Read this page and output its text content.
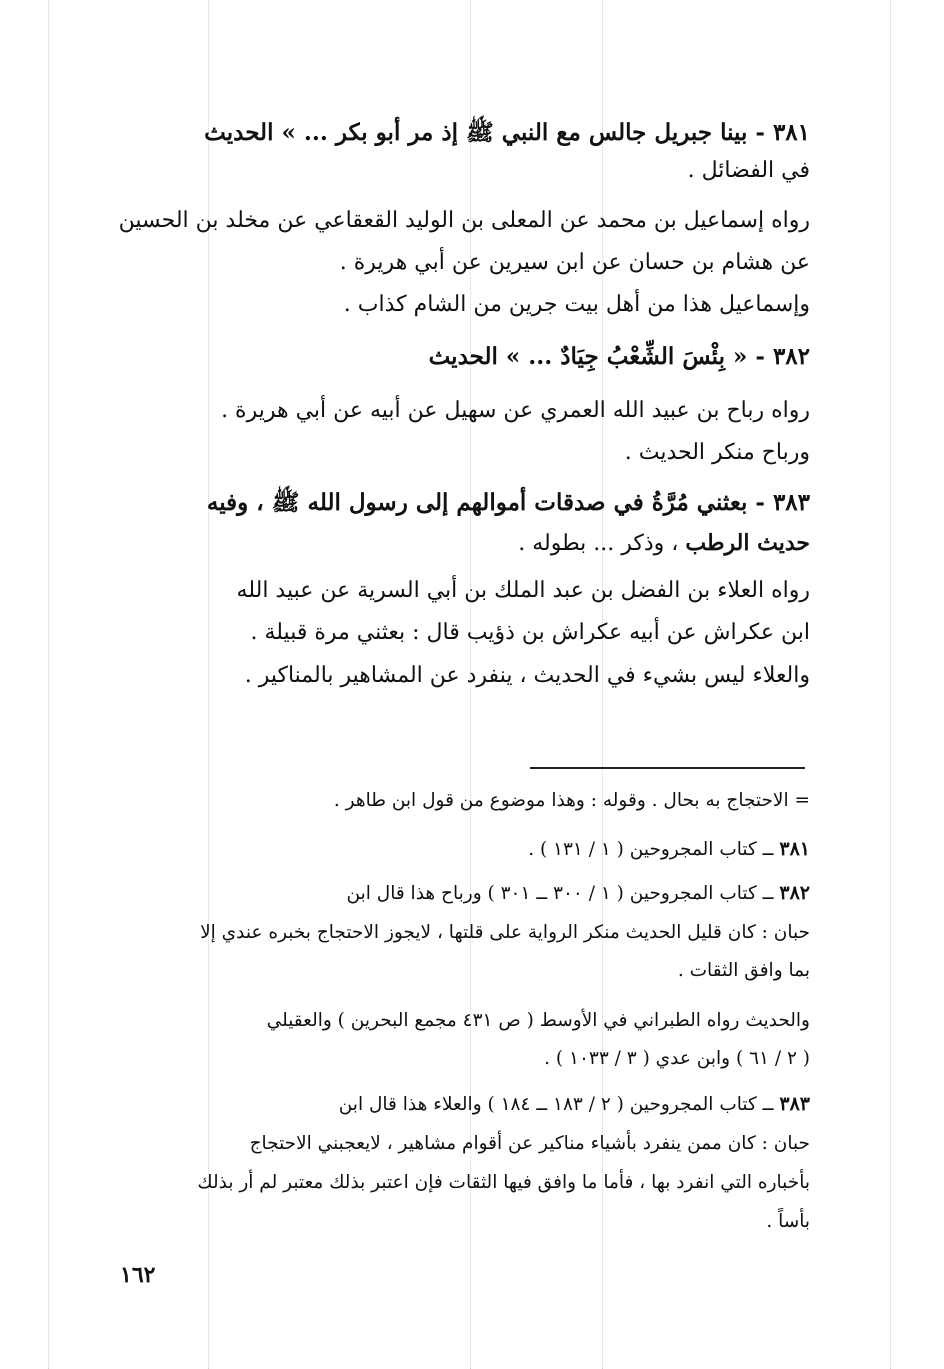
٣٨١ - بينا جبريل جالس مع النبي ﷺ إذ مر أبو بكر ... » الحديث
في الفضائل .
رواه إسماعيل بن محمد عن المعلى بن الوليد القعقاعي عن مخلد بن الحسين
عن هشام بن حسان عن ابن سيرين عن أبي هريرة .
وإسماعيل هذا من أهل بيت جرين من الشام كذاب .
٣٨٢ - « بِئْسَ الشِّعْبُ جِيَادٌ ... » الحديث
رواه رباح بن عبيد الله العمري عن سهيل عن أبيه عن أبي هريرة .
ورباح منكر الحديث .
٣٨٣ - بعثني مُرَّةُ في صدقات أموالهم إلى رسول الله ﷺ ، وفيه
حديث الرطب ، وذكر ... بطوله .
رواه العلاء بن الفضل بن عبد الملك بن أبي السرية عن عبيد الله
ابن عكراش عن أبيه عكراش بن ذؤيب قال : بعثني مرة قبيلة .
والعلاء ليس بشيء في الحديث ، ينفرد عن المشاهير بالمناكير .
= الاحتجاج به بحال . وقوله : وهذا موضوع من قول ابن طاهر .
٣٨١ ــ كتاب المجروحين ( ١ / ١٣١ ) .
٣٨٢ ــ كتاب المجروحين ( ١ / ٣٠٠ ــ ٣٠١ ) ورباح هذا قال ابن
حبان : كان قليل الحديث منكر الرواية على قلتها ، لايجوز الاحتجاج بخبره عندي إلا
بما وافق الثقات .
والحديث رواه الطبراني في الأوسط ( ص ٤٣١ مجمع البحرين ) والعقيلي
( ٢ / ٦١ ) وابن عدي ( ٣ / ١٠٣٣ ) .
٣٨٣ ــ كتاب المجروحين ( ٢ / ١٨٣ ــ ١٨٤ ) والعلاء هذا قال ابن
حبان : كان ممن ينفرد بأشياء مناكير عن أقوام مشاهير ، لايعجبني الاحتجاج
بأخباره التي انفرد بها ، فأما ما وافق فيها الثقات فإن اعتبر بذلك معتبر لم أر بذلك
بأساً .
١٦٢
